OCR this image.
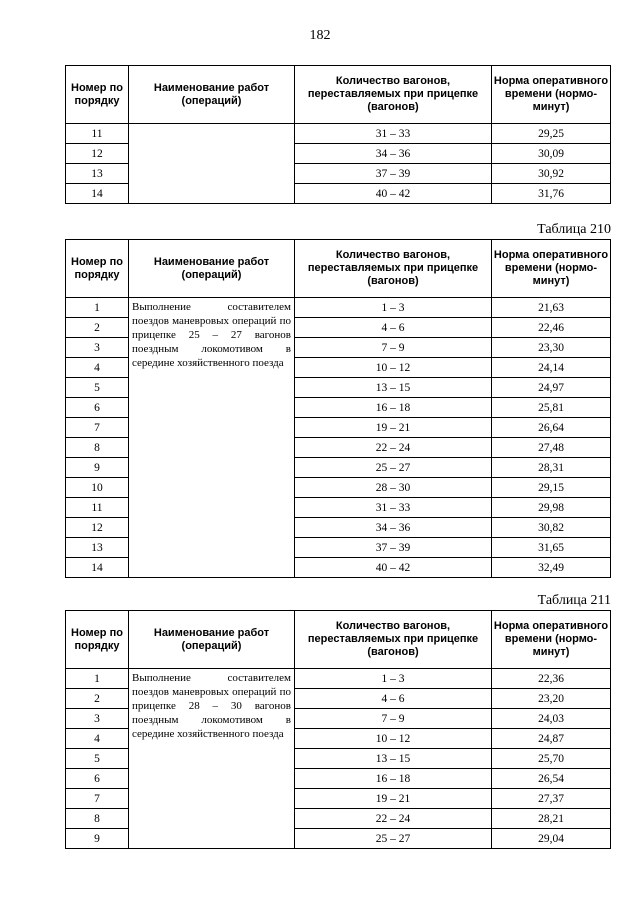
182
Номер по порядку	Наименование работ (операций)	Количество вагонов, переставляемых при прицепке (вагонов)	Норма оперативного времени (нормо-минут)
11		31 – 33	29,25
12		34 – 36	30,09
13		37 – 39	30,92
14		40 – 42	31,76
Таблица 210
Номер по порядку	Наименование работ (операций)	Количество вагонов, переставляемых при прицепке (вагонов)	Норма оперативного времени (нормо-минут)
1	Выполнение составителем поездов маневровых операций по прицепке 25 – 27 вагонов поездным локомотивом в середине хозяйственного поезда	1 – 3	21,63
2		4 – 6	22,46
3		7 – 9	23,30
4		10 – 12	24,14
5		13 – 15	24,97
6		16 – 18	25,81
7		19 – 21	26,64
8		22 – 24	27,48
9		25 – 27	28,31
10		28 – 30	29,15
11		31 – 33	29,98
12		34 – 36	30,82
13		37 – 39	31,65
14		40 – 42	32,49
Таблица 211
Номер по порядку	Наименование работ (операций)	Количество вагонов, переставляемых при прицепке (вагонов)	Норма оперативного времени (нормо-минут)
1	Выполнение составителем поездов маневровых операций по прицепке 28 – 30 вагонов поездным локомотивом в середине хозяйственного поезда	1 – 3	22,36
2		4 – 6	23,20
3		7 – 9	24,03
4		10 – 12	24,87
5		13 – 15	25,70
6		16 – 18	26,54
7		19 – 21	27,37
8		22 – 24	28,21
9		25 – 27	29,04
